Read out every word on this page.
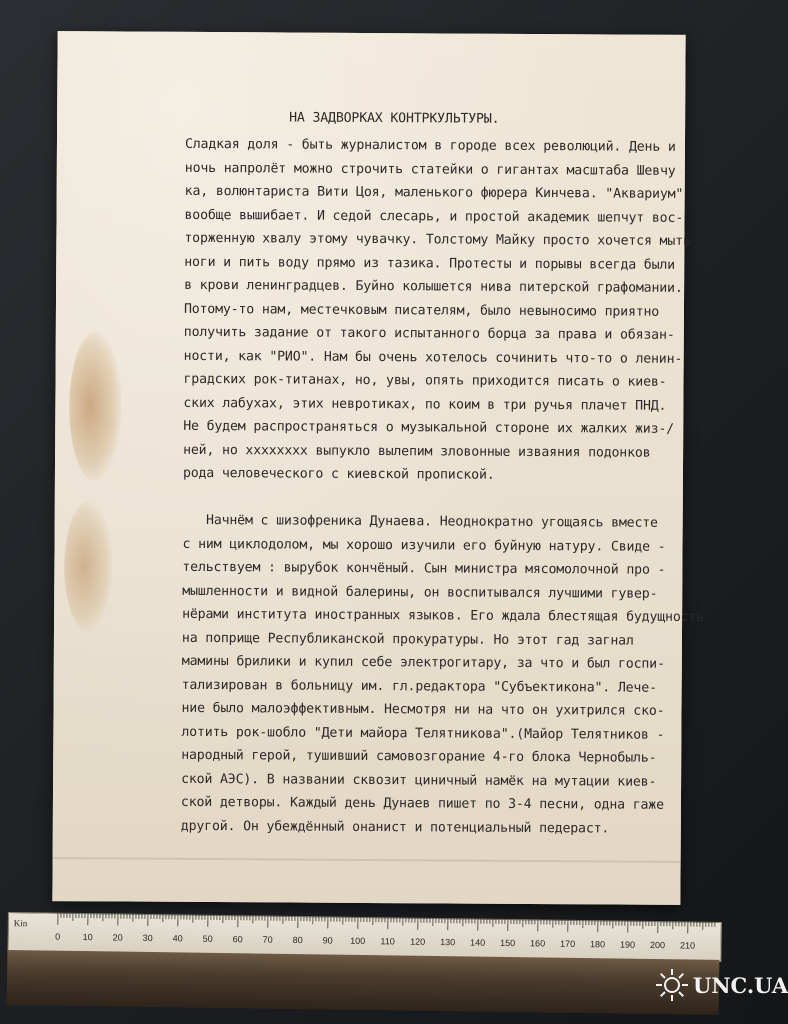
НА ЗАДВОРКАХ КОНТРКУЛЬТУРЫ.

Сладкая доля - быть журналистом в городе всех революций. День и
ночь напролёт можно строчить статейки о гигантах масштаба Шевчу -
ка, волюнтариста Вити Цоя, маленького фюрера Кинчева. "Аквариум"
вообще вышибает. И седой слесарь, и простой академик шепчут вос-
торженную хвалу этому чувачку. Толстому Майку просто хочется мыть
ноги и пить воду прямо из тазика. Протесты и порывы всегда были
в крови ленинградцев. Буйно колышется нива питерской графомании.
Потому-то нам, местечковым писателям, было невыносимо приятно
получить задание от такого испытанного борца за права и обязан-
ности, как "РИО". Нам бы очень хотелось сочинить что-то о ленин-
градских рок-титанах, но, увы, опять приходится писать о киев-
ских лабухах, этих невротиках, по коим в три ручья плачет ПНД.
Не будем распространяться о музыкальной стороне их жалких жиз-/
ней, но xxxxxxxx выпукло вылепим зловонные изваяния подонков
рода человеческого с киевской пропиской.
Начнём с шизофреника Дунаева. Неоднократно угощаясь вместе
с ним циклодолом, мы хорошо изучили его буйную натуру. Свиде -
тельствуем : вырубок кончёный. Сын министра мясомолочной про -
мышленности и видной балерины, он воспитывался лучшими гувер-
нёрами института иностранных языков. Его ждала блестящая будущность
на поприще Республиканской прокуратуры. Но этот гад загнал
мамины брилики и купил себе электрогитару, за что и был госпи-
тализирован в больницу им. гл.редактора "Субъектикона". Лече-
ние было малоэффективным. Несмотря ни на что он ухитрился ско-
лотить рок-шобло "Дети майора Телятникова".(Майор Телятников -
народный герой, тушивший самовозгорание 4-го блока Чернобыль-
ской АЭС). В названии сквозит циничный намёк на мутации киев-
ской детворы. Каждый день Дунаев пишет по 3-4 песни, одна гаже
другой. Он убеждённый онанист и потенциальный педераст.

0 10 20 30 40 50 60 70 80 90 100 110 120 130 140 150 160 170 180 190 200 210
Kin
UNC.UA
